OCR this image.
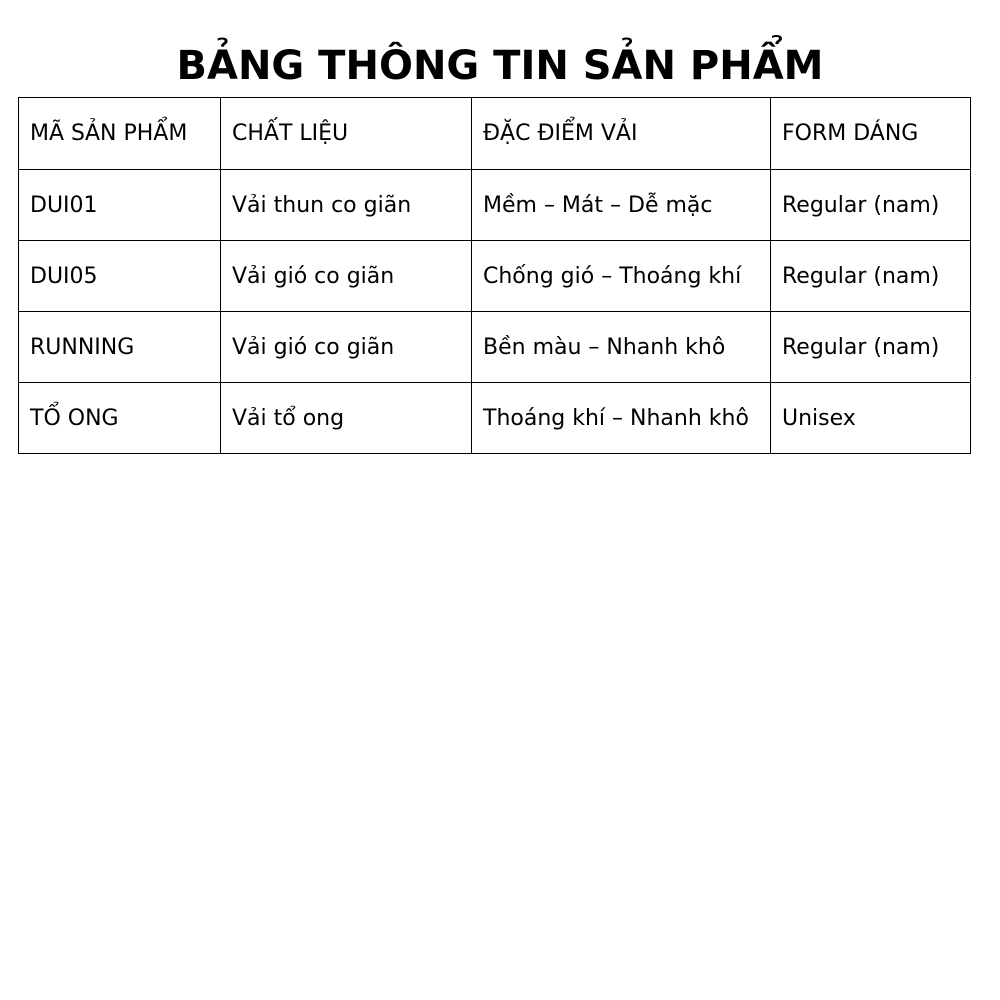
BẢNG THÔNG TIN SẢN PHẨM
MÃ SẢN PHẨM	CHẤT LIỆU	ĐẶC ĐIỂM VẢI	FORM DÁNG
DUI01	Vải thun co giãn	Mềm – Mát – Dễ mặc	Regular (nam)
DUI05	Vải gió co giãn	Chống gió – Thoáng khí	Regular (nam)
RUNNING	Vải gió co giãn	Bền màu – Nhanh khô	Regular (nam)
TỔ ONG	Vải tổ ong	Thoáng khí – Nhanh khô	Unisex
